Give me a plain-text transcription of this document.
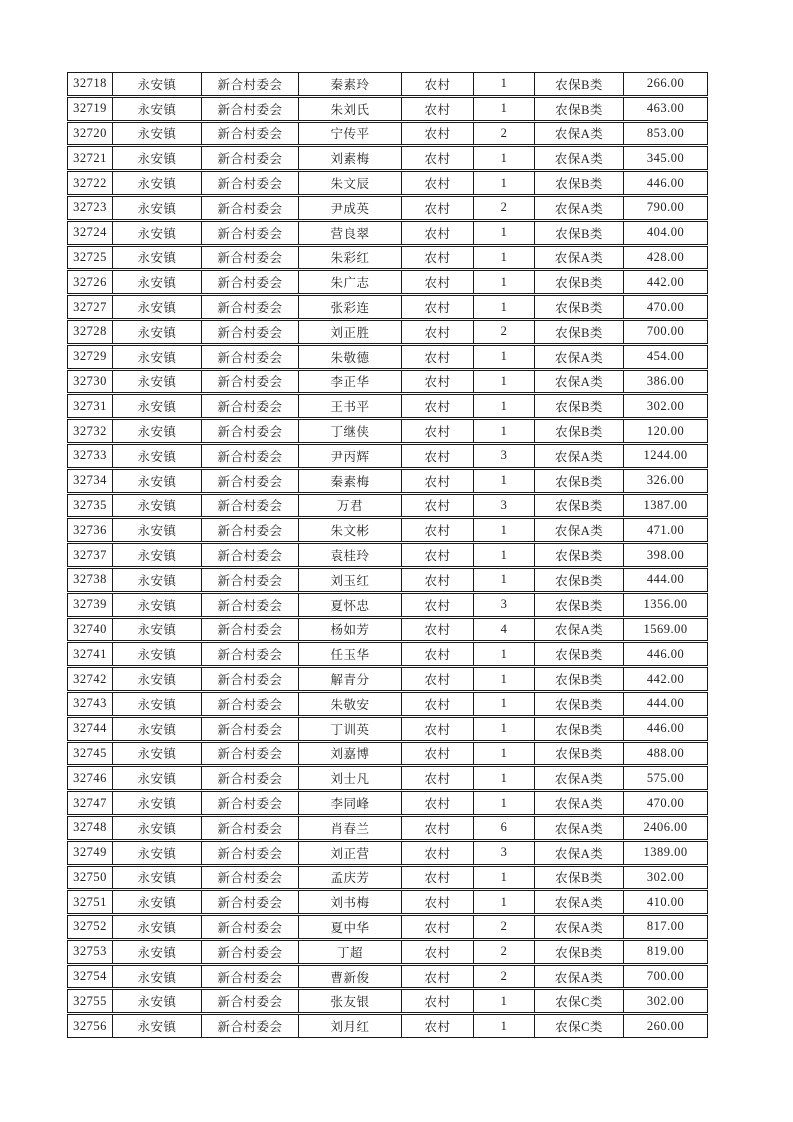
32718	永安镇	新合村委会	秦素玲	农村	1	农保B类	266.00
32719	永安镇	新合村委会	朱刘氏	农村	1	农保B类	463.00
32720	永安镇	新合村委会	宁传平	农村	2	农保A类	853.00
32721	永安镇	新合村委会	刘素梅	农村	1	农保A类	345.00
32722	永安镇	新合村委会	朱文辰	农村	1	农保B类	446.00
32723	永安镇	新合村委会	尹成英	农村	2	农保A类	790.00
32724	永安镇	新合村委会	营良翠	农村	1	农保B类	404.00
32725	永安镇	新合村委会	朱彩红	农村	1	农保A类	428.00
32726	永安镇	新合村委会	朱广志	农村	1	农保B类	442.00
32727	永安镇	新合村委会	张彩连	农村	1	农保B类	470.00
32728	永安镇	新合村委会	刘正胜	农村	2	农保B类	700.00
32729	永安镇	新合村委会	朱敬德	农村	1	农保A类	454.00
32730	永安镇	新合村委会	李正华	农村	1	农保A类	386.00
32731	永安镇	新合村委会	王书平	农村	1	农保B类	302.00
32732	永安镇	新合村委会	丁继侠	农村	1	农保B类	120.00
32733	永安镇	新合村委会	尹丙辉	农村	3	农保A类	1244.00
32734	永安镇	新合村委会	秦素梅	农村	1	农保B类	326.00
32735	永安镇	新合村委会	万君	农村	3	农保B类	1387.00
32736	永安镇	新合村委会	朱文彬	农村	1	农保A类	471.00
32737	永安镇	新合村委会	袁桂玲	农村	1	农保B类	398.00
32738	永安镇	新合村委会	刘玉红	农村	1	农保B类	444.00
32739	永安镇	新合村委会	夏怀忠	农村	3	农保B类	1356.00
32740	永安镇	新合村委会	杨如芳	农村	4	农保A类	1569.00
32741	永安镇	新合村委会	任玉华	农村	1	农保B类	446.00
32742	永安镇	新合村委会	解青分	农村	1	农保B类	442.00
32743	永安镇	新合村委会	朱敬安	农村	1	农保B类	444.00
32744	永安镇	新合村委会	丁训英	农村	1	农保B类	446.00
32745	永安镇	新合村委会	刘嘉博	农村	1	农保B类	488.00
32746	永安镇	新合村委会	刘士凡	农村	1	农保A类	575.00
32747	永安镇	新合村委会	李同峰	农村	1	农保A类	470.00
32748	永安镇	新合村委会	肖春兰	农村	6	农保A类	2406.00
32749	永安镇	新合村委会	刘正营	农村	3	农保A类	1389.00
32750	永安镇	新合村委会	孟庆芳	农村	1	农保B类	302.00
32751	永安镇	新合村委会	刘书梅	农村	1	农保A类	410.00
32752	永安镇	新合村委会	夏中华	农村	2	农保A类	817.00
32753	永安镇	新合村委会	丁超	农村	2	农保B类	819.00
32754	永安镇	新合村委会	曹新俊	农村	2	农保A类	700.00
32755	永安镇	新合村委会	张友银	农村	1	农保C类	302.00
32756	永安镇	新合村委会	刘月红	农村	1	农保C类	260.00
